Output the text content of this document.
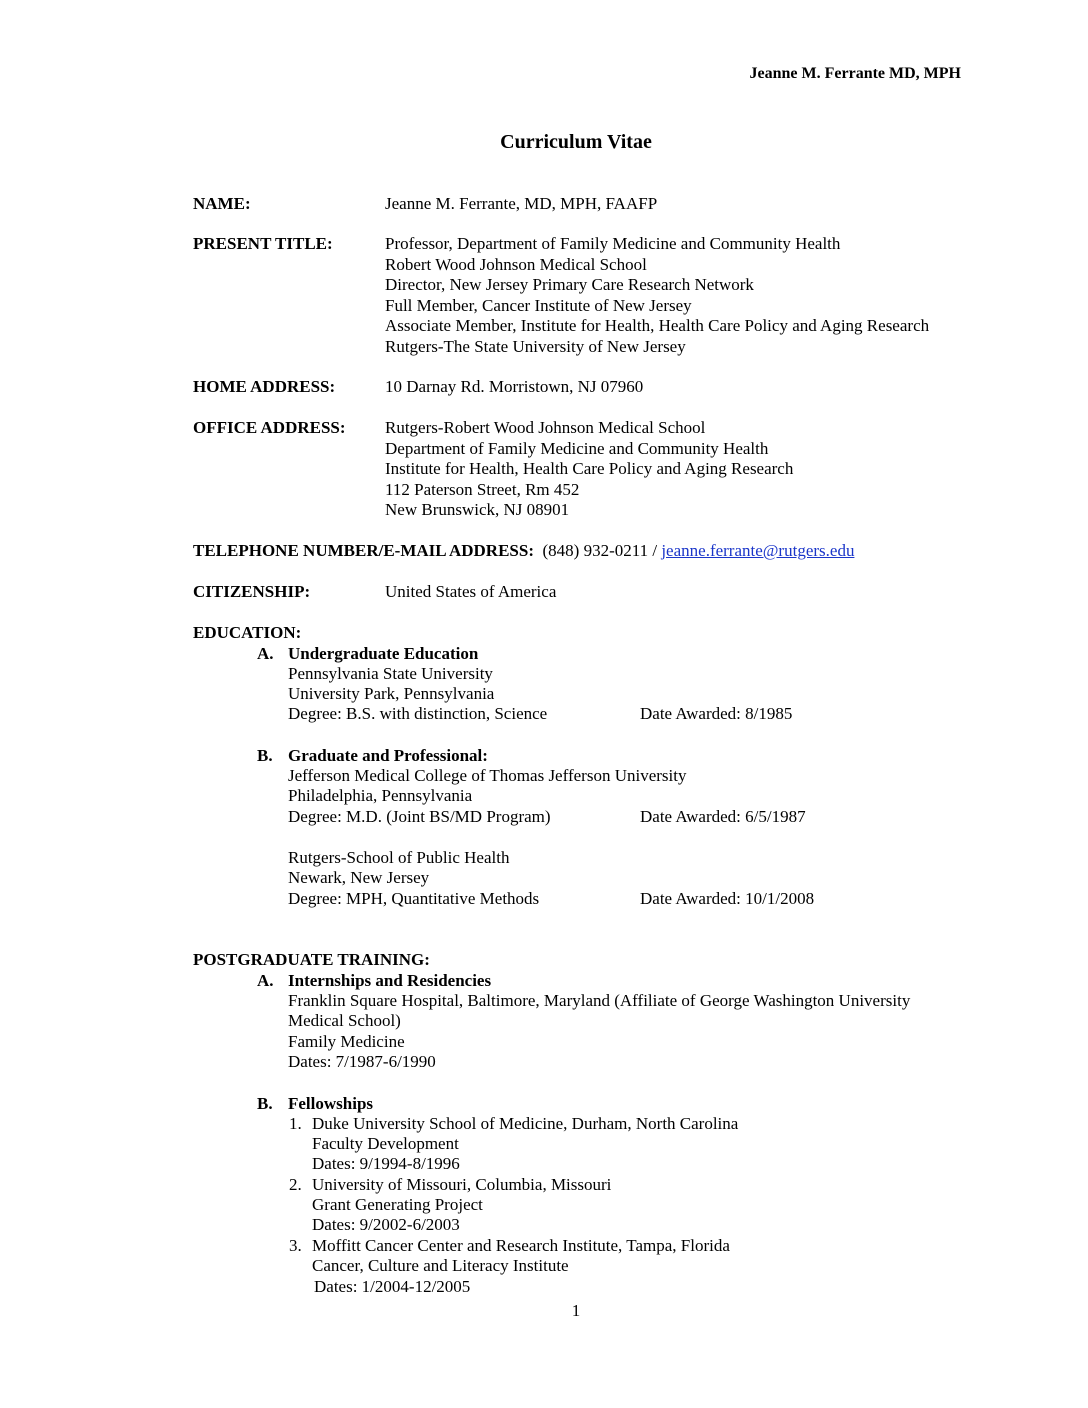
Jeanne M. Ferrante MD, MPH
Curriculum Vitae
NAME:	Jeanne M. Ferrante, MD, MPH, FAAFP
PRESENT TITLE:	Professor, Department of Family Medicine and Community Health
Robert Wood Johnson Medical School
Director, New Jersey Primary Care Research Network
Full Member, Cancer Institute of New Jersey
Associate Member, Institute for Health, Health Care Policy and Aging Research
Rutgers-The State University of New Jersey
HOME ADDRESS:	10 Darnay Rd. Morristown, NJ 07960
OFFICE ADDRESS: Rutgers-Robert Wood Johnson Medical School
Department of Family Medicine and Community Health
Institute for Health, Health Care Policy and Aging Research
112 Paterson Street, Rm 452
New Brunswick, NJ 08901
TELEPHONE NUMBER/E-MAIL ADDRESS: (848) 932-0211 / jeanne.ferrante@rutgers.edu
CITIZENSHIP:	United States of America
EDUCATION:
A. Undergraduate Education
Pennsylvania State University
University Park, Pennsylvania
Degree: B.S. with distinction, Science	Date Awarded: 8/1985
B. Graduate and Professional:
Jefferson Medical College of Thomas Jefferson University
Philadelphia, Pennsylvania
Degree: M.D. (Joint BS/MD Program)	Date Awarded: 6/5/1987
Rutgers-School of Public Health
Newark, New Jersey
Degree: MPH, Quantitative Methods	Date Awarded: 10/1/2008
POSTGRADUATE TRAINING:
A. Internships and Residencies
Franklin Square Hospital, Baltimore, Maryland (Affiliate of George Washington University
Medical School)
Family Medicine
Dates: 7/1987-6/1990
B. Fellowships
1. Duke University School of Medicine, Durham, North Carolina
Faculty Development
Dates: 9/1994-8/1996
2. University of Missouri, Columbia, Missouri
Grant Generating Project
Dates: 9/2002-6/2003
3. Moffitt Cancer Center and Research Institute, Tampa, Florida
Cancer, Culture and Literacy Institute
Dates: 1/2004-12/2005
1
